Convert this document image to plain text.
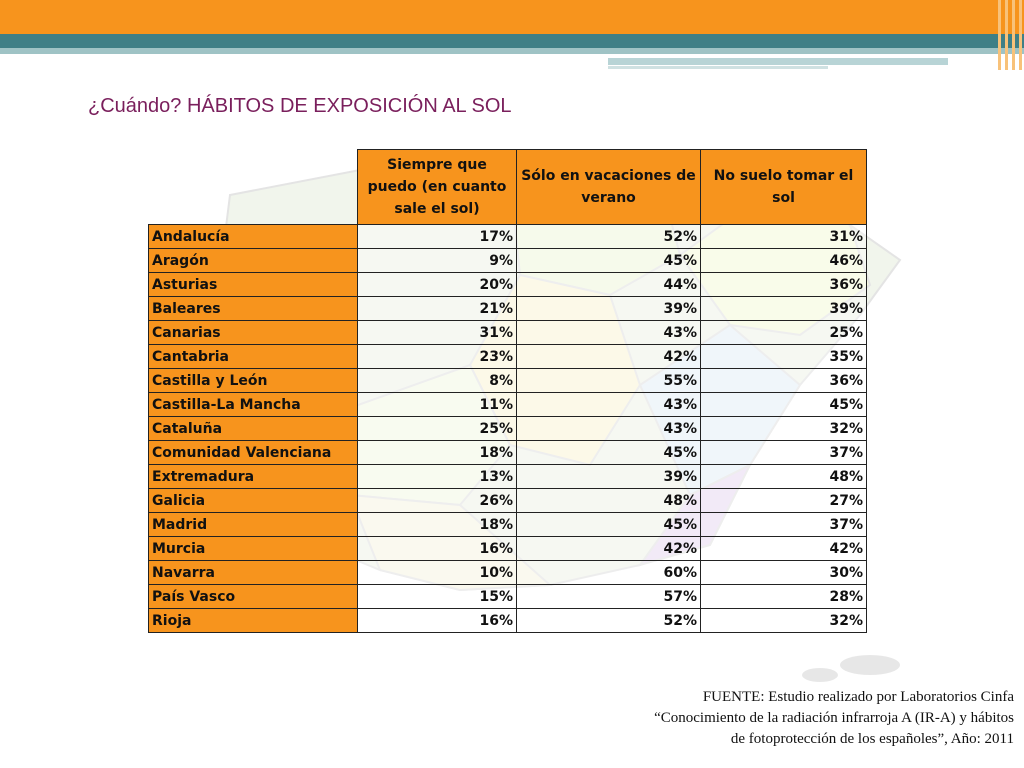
¿Cuándo? HÁBITOS DE EXPOSICIÓN AL SOL
	Siempre que puedo (en cuanto sale el sol)	Sólo en vacaciones de verano	No suelo tomar el sol
Andalucía	17%	52%	31%
Aragón	9%	45%	46%
Asturias	20%	44%	36%
Baleares	21%	39%	39%
Canarias	31%	43%	25%
Cantabria	23%	42%	35%
Castilla y León	8%	55%	36%
Castilla-La Mancha	11%	43%	45%
Cataluña	25%	43%	32%
Comunidad Valenciana	18%	45%	37%
Extremadura	13%	39%	48%
Galicia	26%	48%	27%
Madrid	18%	45%	37%
Murcia	16%	42%	42%
Navarra	10%	60%	30%
País Vasco	15%	57%	28%
Rioja	16%	52%	32%

FUENTE: Estudio realizado por Laboratorios Cinfa

“Conocimiento de la radiación infrarroja A (IR-A) y hábitos

de fotoprotección de los españoles”, Año: 2011
